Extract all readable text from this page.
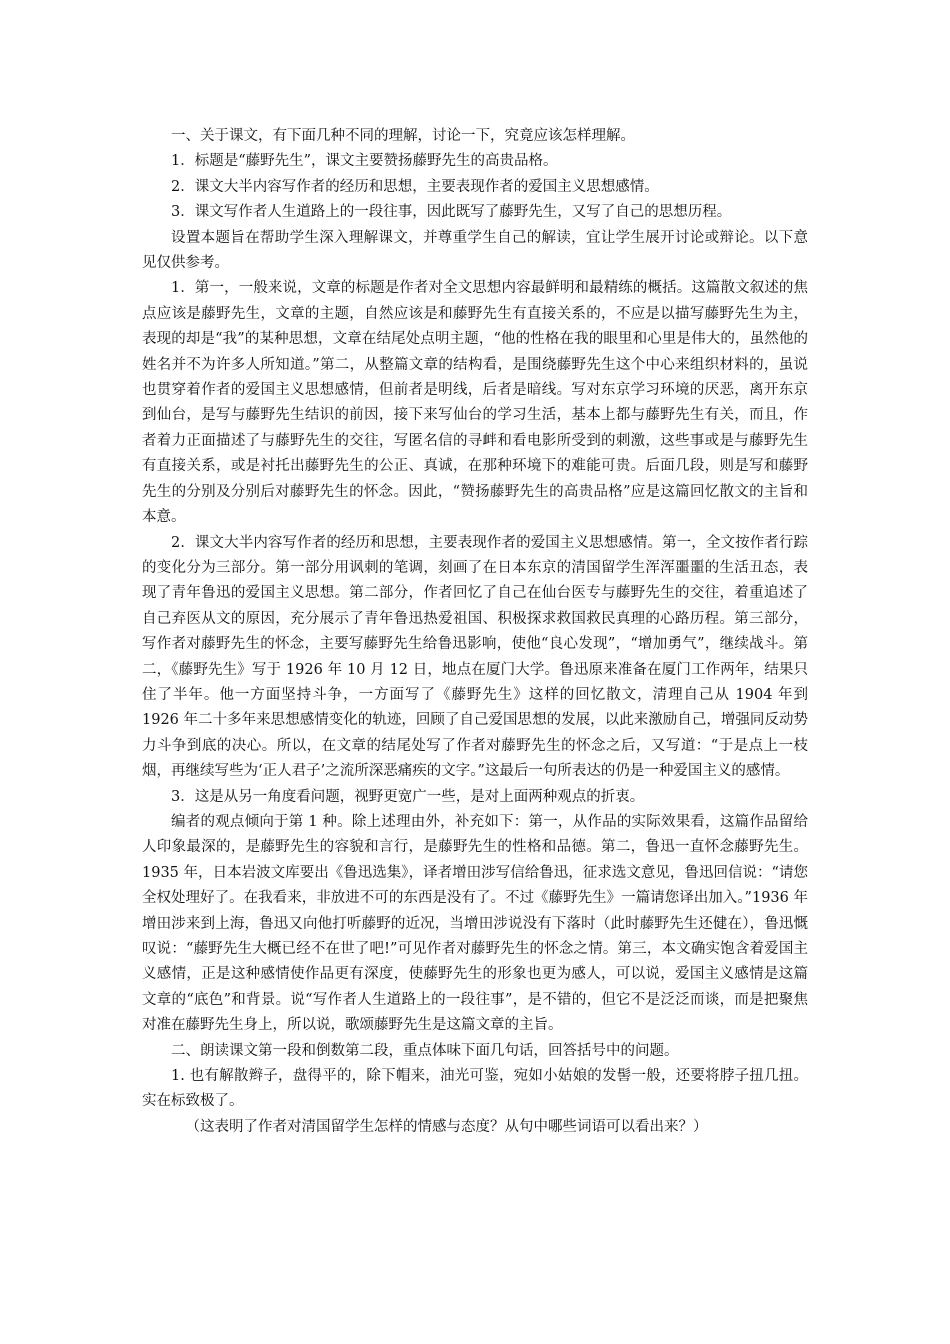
一、关于课文，有下面几种不同的理解，讨论一下，究竟应该怎样理解。

1．标题是“藤野先生”，课文主要赞扬藤野先生的高贵品格。

2．课文大半内容写作者的经历和思想，主要表现作者的爱国主义思想感情。

3．课文写作者人生道路上的一段往事，因此既写了藤野先生，又写了自己的思想历程。

设置本题旨在帮助学生深入理解课文，并尊重学生自己的解读，宜让学生展开讨论或辩论。以下意见仅供参考。

1．第一，一般来说，文章的标题是作者对全文思想内容最鲜明和最精练的概括。这篇散文叙述的焦点应该是藤野先生，文章的主题，自然应该是和藤野先生有直接关系的，不应是以描写藤野先生为主，表现的却是“我”的某种思想，文章在结尾处点明主题，“他的性格在我的眼里和心里是伟大的，虽然他的姓名并不为许多人所知道。”第二，从整篇文章的结构看，是围绕藤野先生这个中心来组织材料的，虽说也贯穿着作者的爱国主义思想感情，但前者是明线，后者是暗线。写对东京学习环境的厌恶，离开东京到仙台，是写与藤野先生结识的前因，接下来写仙台的学习生活，基本上都与藤野先生有关，而且，作者着力正面描述了与藤野先生的交往，写匿名信的寻衅和看电影所受到的刺激，这些事或是与藤野先生有直接关系，或是衬托出藤野先生的公正、真诚，在那种环境下的难能可贵。后面几段，则是写和藤野先生的分别及分别后对藤野先生的怀念。因此，“赞扬藤野先生的高贵品格”应是这篇回忆散文的主旨和本意。

2．课文大半内容写作者的经历和思想，主要表现作者的爱国主义思想感情。第一，全文按作者行踪的变化分为三部分。第一部分用讽刺的笔调，刻画了在日本东京的清国留学生浑浑噩噩的生活丑态，表现了青年鲁迅的爱国主义思想。第二部分，作者回忆了自己在仙台医专与藤野先生的交往，着重追述了自己弃医从文的原因，充分展示了青年鲁迅热爱祖国、积极探求救国救民真理的心路历程。第三部分，写作者对藤野先生的怀念，主要写藤野先生给鲁迅影响，使他“良心发现”，“增加勇气”，继续战斗。第二，《藤野先生》写于 1926 年 10 月 12 日，地点在厦门大学。鲁迅原来准备在厦门工作两年，结果只住了半年。他一方面坚持斗争，一方面写了《藤野先生》这样的回忆散文，清理自己从 1904 年到 1926 年二十多年来思想感情变化的轨迹，回顾了自己爱国思想的发展，以此来激励自己，增强同反动势力斗争到底的决心。所以，在文章的结尾处写了作者对藤野先生的怀念之后，又写道：“于是点上一枝烟，再继续写些为‘正人君子’之流所深恶痛疾的文字。”这最后一句所表达的仍是一种爱国主义的感情。

3．这是从另一角度看问题，视野更宽广一些，是对上面两种观点的折衷。

编者的观点倾向于第 1 种。除上述理由外，补充如下：第一，从作品的实际效果看，这篇作品留给人印象最深的，是藤野先生的容貌和言行，是藤野先生的性格和品德。第二，鲁迅一直怀念藤野先生。1935 年，日本岩波文库要出《鲁迅选集》，译者增田涉写信给鲁迅，征求选文意见，鲁迅回信说：“请您全权处理好了。在我看来，非放进不可的东西是没有了。不过《藤野先生》一篇请您译出加入。”1936 年增田涉来到上海，鲁迅又向他打听藤野的近况，当增田涉说没有下落时（此时藤野先生还健在），鲁迅慨叹说：“藤野先生大概已经不在世了吧!”可见作者对藤野先生的怀念之情。第三，本文确实饱含着爱国主义感情，正是这种感情使作品更有深度，使藤野先生的形象也更为感人，可以说，爱国主义感情是这篇文章的“底色”和背景。说“写作者人生道路上的一段往事”，是不错的，但它不是泛泛而谈，而是把聚焦对准在藤野先生身上，所以说，歌颂藤野先生是这篇文章的主旨。

二、朗读课文第一段和倒数第二段，重点体味下面几句话，回答括号中的问题。

1. 也有解散辫子，盘得平的，除下帽来，油光可鉴，宛如小姑娘的发髻一般，还要将脖子扭几扭。实在标致极了。

（这表明了作者对清国留学生怎样的情感与态度？从句中哪些词语可以看出来？）
